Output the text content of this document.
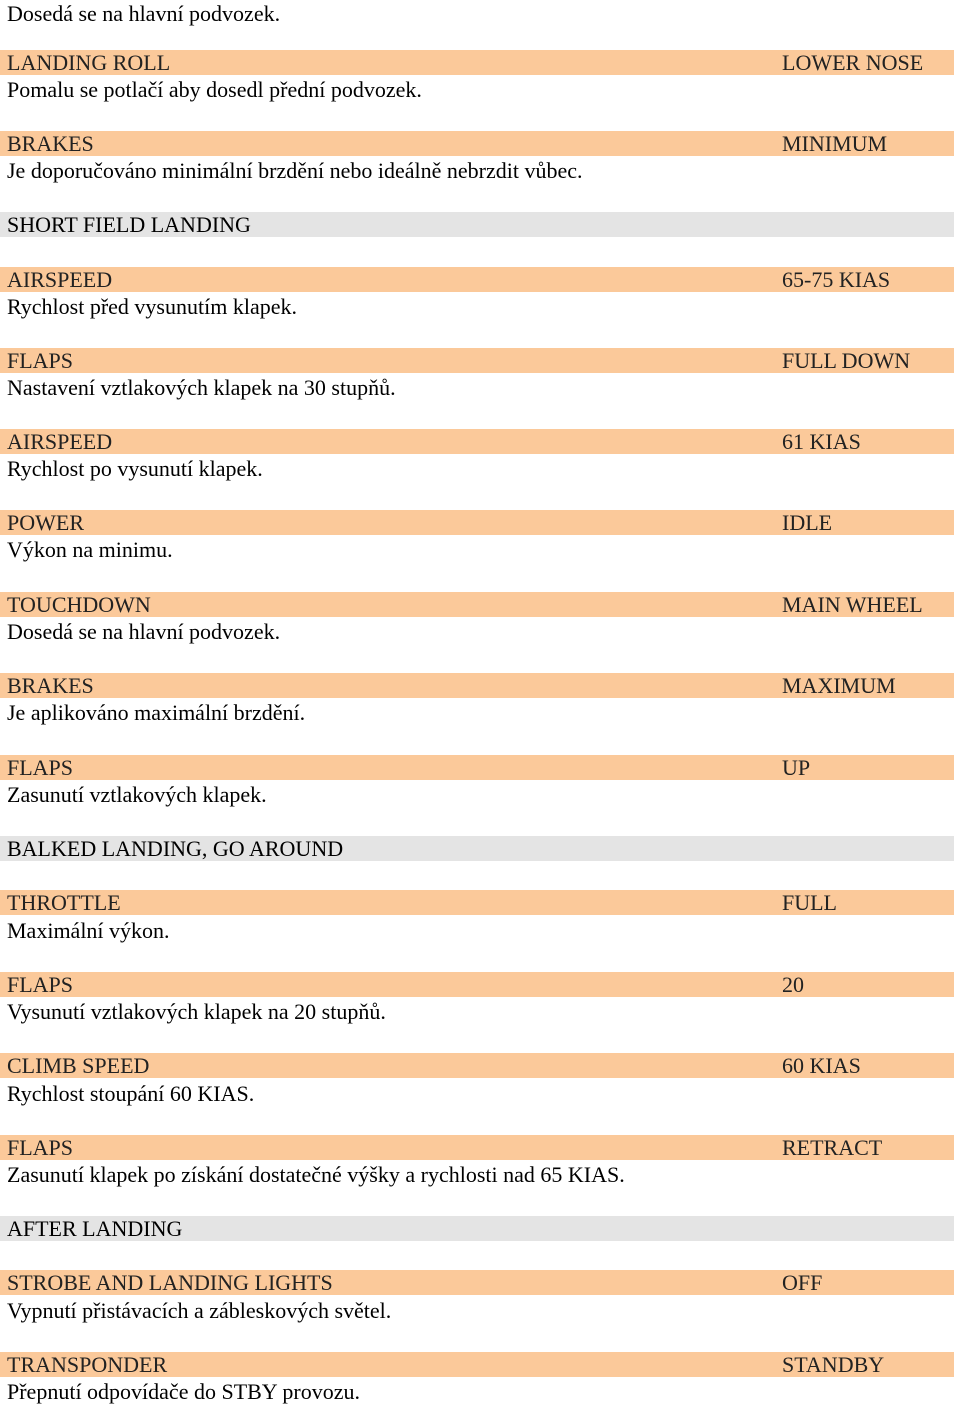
Dosedá se na hlavní podvozek.
LANDING ROLL	LOWER NOSE
Pomalu se potlačí aby dosedl přední podvozek.
BRAKES	MINIMUM
Je doporučováno minimální brzdění nebo ideálně nebrzdit vůbec.
SHORT FIELD LANDING
AIRSPEED	65-75 KIAS
Rychlost před vysunutím klapek.
FLAPS	FULL DOWN
Nastavení vztlakových klapek na 30 stupňů.
AIRSPEED	61 KIAS
Rychlost po vysunutí klapek.
POWER	IDLE
Výkon na minimu.
TOUCHDOWN	MAIN WHEEL
Dosedá se na hlavní podvozek.
BRAKES	MAXIMUM
Je aplikováno maximální brzdění.
FLAPS	UP
Zasunutí vztlakových klapek.
BALKED LANDING, GO AROUND
THROTTLE	FULL
Maximální výkon.
FLAPS	20
Vysunutí vztlakových klapek na 20 stupňů.
CLIMB SPEED	60 KIAS
Rychlost stoupání 60 KIAS.
FLAPS	RETRACT
Zasunutí klapek po získání dostatečné výšky a rychlosti nad 65 KIAS.
AFTER LANDING
STROBE AND LANDING LIGHTS	OFF
Vypnutí přistávacích a zábleskových světel.
TRANSPONDER	STANDBY
Přepnutí odpovídače do STBY provozu.
